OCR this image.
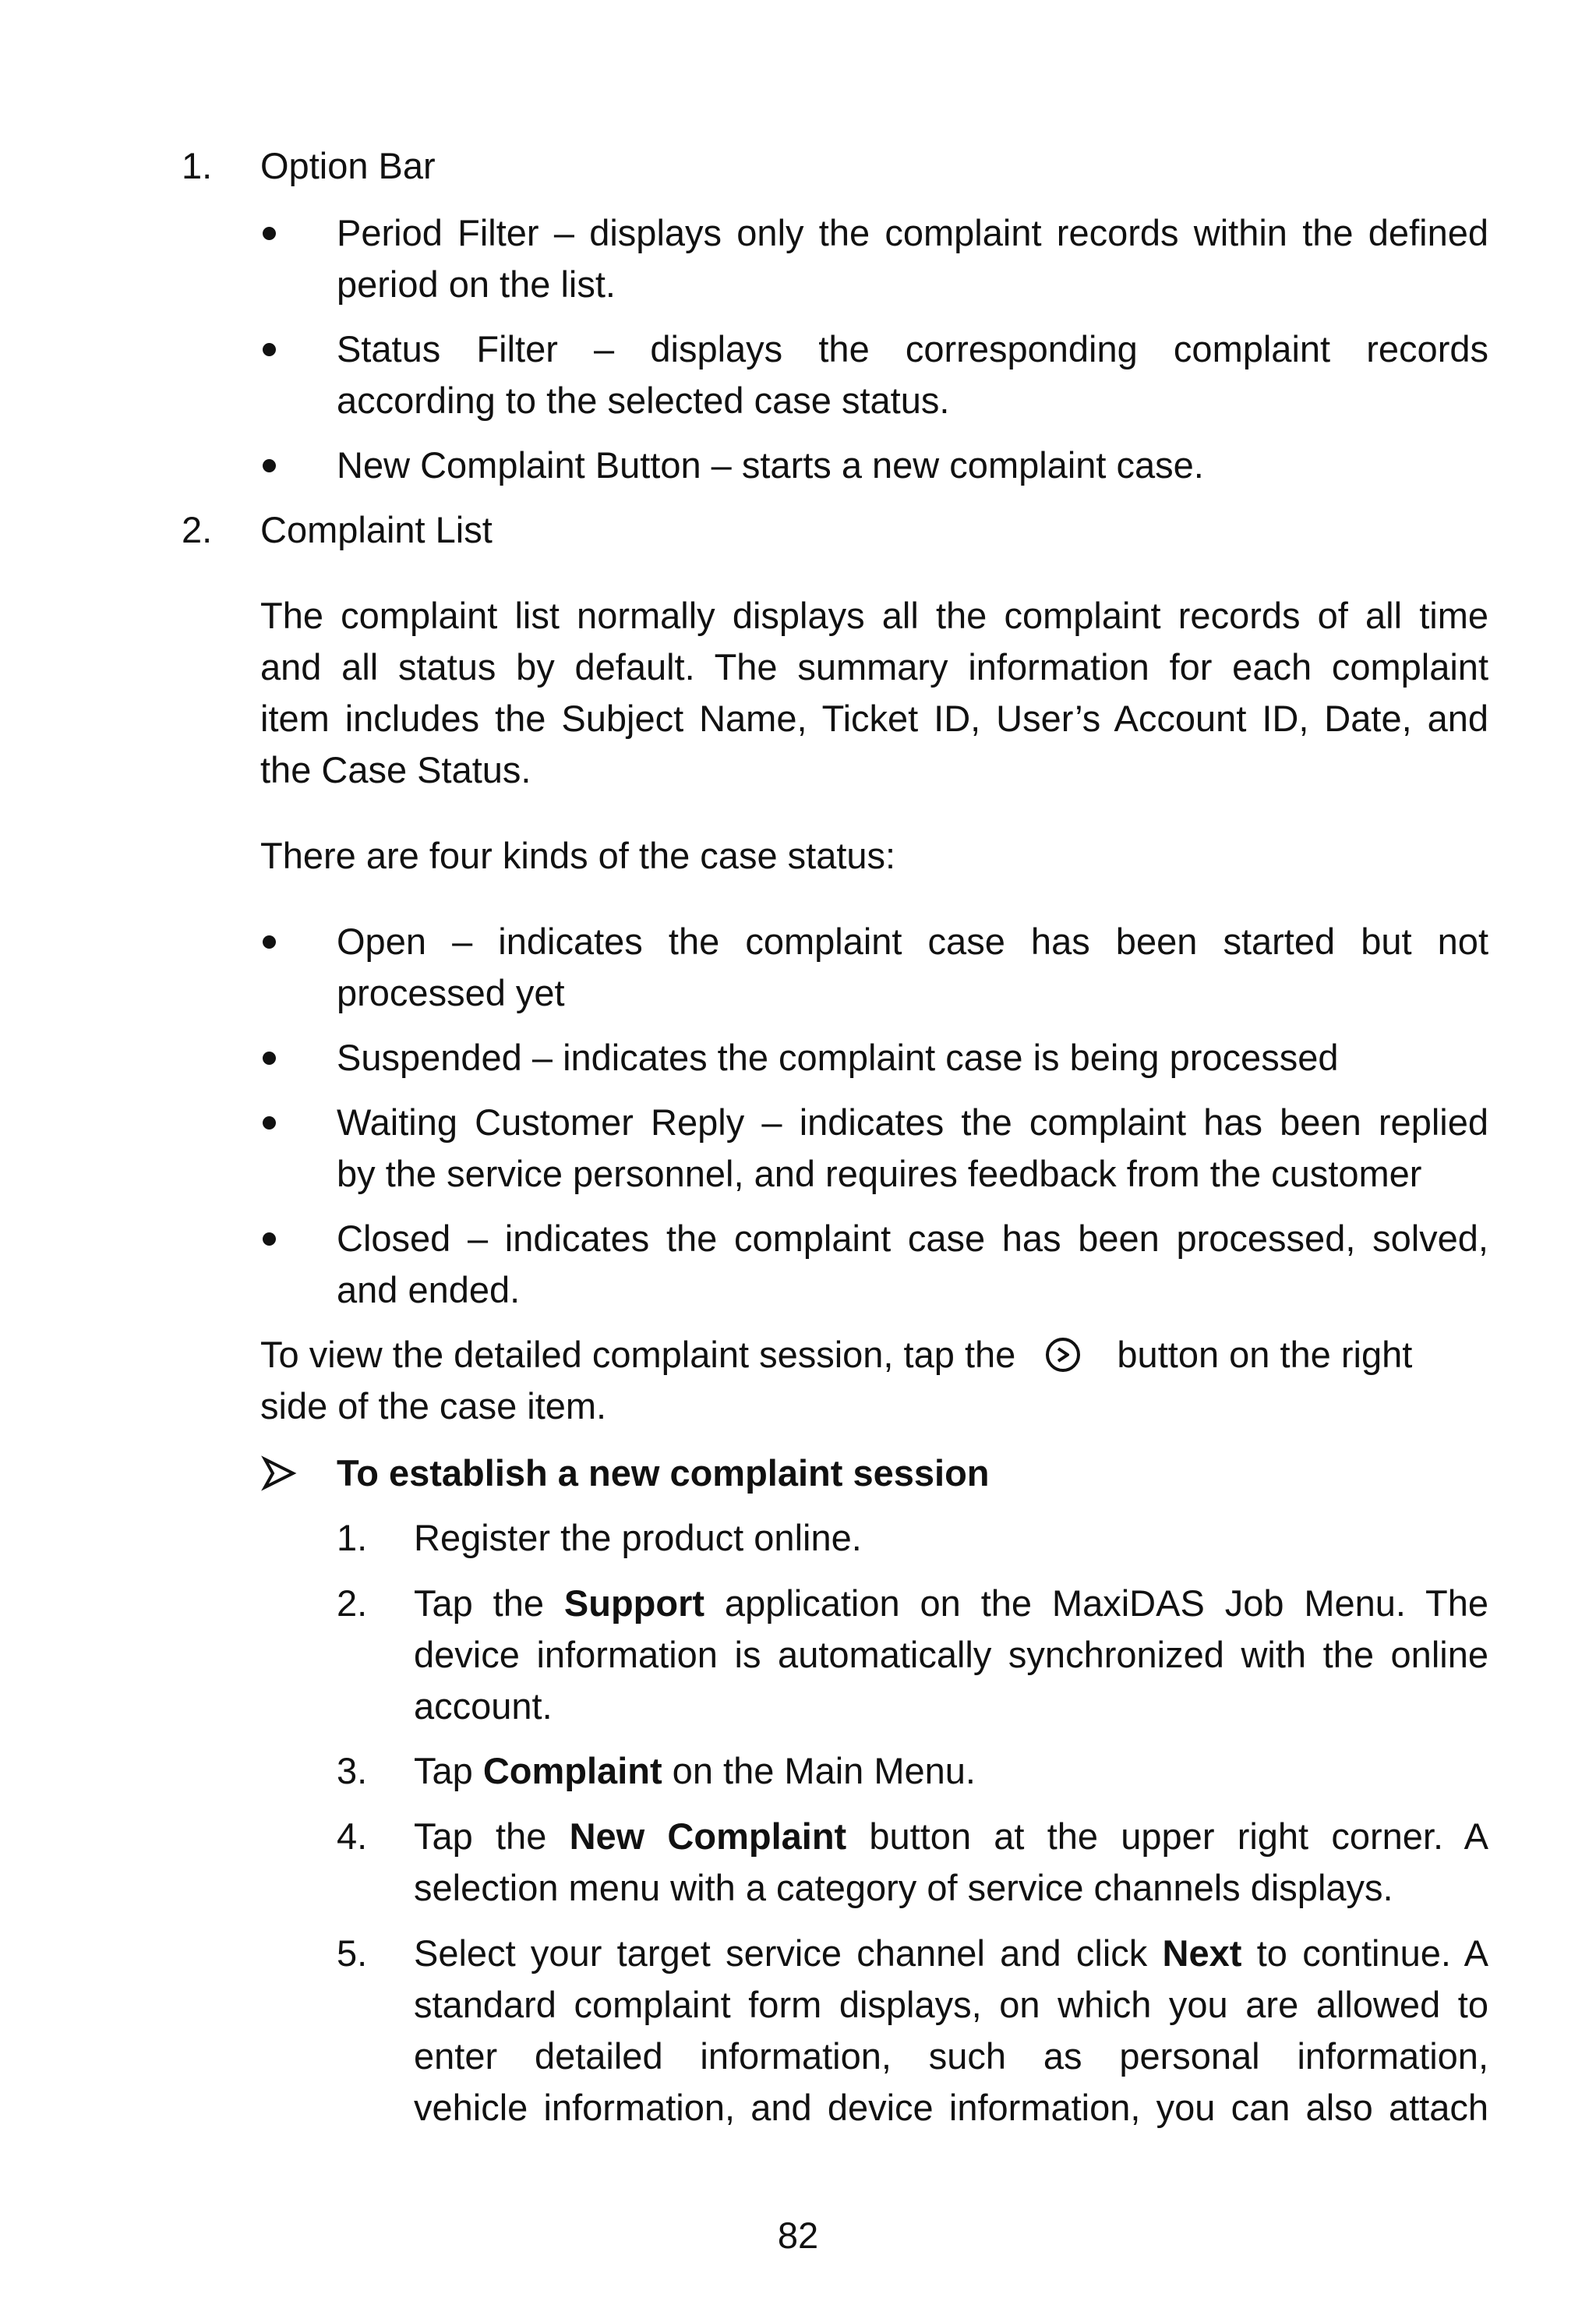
1. Option Bar
Period Filter – displays only the complaint records within the defined
period on the list.
Status Filter – displays the corresponding complaint records
according to the selected case status.
New Complaint Button – starts a new complaint case.
2. Complaint List
The complaint list normally displays all the complaint records of all time
and all status by default. The summary information for each complaint
item includes the Subject Name, Ticket ID, User’s Account ID, Date, and
the Case Status.
There are four kinds of the case status:
Open – indicates the complaint case has been started but not
processed yet
Suspended – indicates the complaint case is being processed
Waiting Customer Reply – indicates the complaint has been replied
by the service personnel, and requires feedback from the customer
Closed – indicates the complaint case has been processed, solved,
and ended.
To view the detailed complaint session, tap the	button on the right
side of the case item.
To establish a new complaint session
1. Register the product online.
2. Tap the Support application on the MaxiDAS Job Menu. The
device information is automatically synchronized with the online
account.
3. Tap Complaint on the Main Menu.
4. Tap the New Complaint button at the upper right corner. A
selection menu with a category of service channels displays.
5. Select your target service channel and click Next to continue. A
standard complaint form displays, on which you are allowed to
enter detailed information, such as personal information,
vehicle information, and device information, you can also attach
82
